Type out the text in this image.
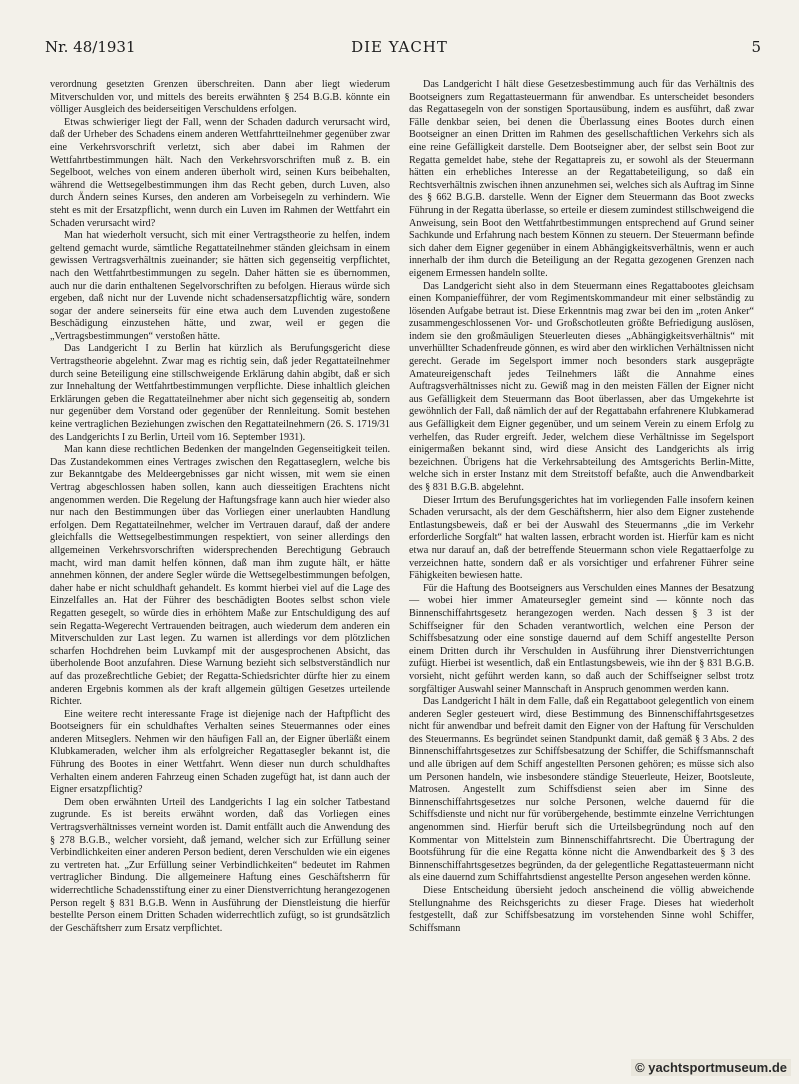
Nr. 48/1931	DIE YACHT	5

verordnung gesetzten Grenzen überschreiten. Dann aber liegt wiederum Mitverschulden vor, und mittels des bereits erwähnten § 254 B.G.B. könnte ein völliger Ausgleich des beiderseitigen Verschuldens erfolgen.

Etwas schwieriger liegt der Fall, wenn der Schaden dadurch verursacht wird, daß der Urheber des Schadens einem anderen Wettfahrtteilnehmer gegenüber zwar eine Verkehrsvorschrift verletzt, sich aber dabei im Rahmen der Wettfahrtbestimmungen hält. Nach den Verkehrsvorschriften muß z. B. ein Segelboot, welches von einem anderen überholt wird, seinen Kurs beibehalten, während die Wettsegelbestimmungen ihm das Recht geben, durch Luven, also durch Ändern seines Kurses, den anderen am Vorbeisegeln zu verhindern. Wie steht es mit der Ersatzpflicht, wenn durch ein Luven im Rahmen der Wettfahrt ein Schaden verursacht wird?

Man hat wiederholt versucht, sich mit einer Vertragstheorie zu helfen, indem geltend gemacht wurde, sämtliche Regattateilnehmer ständen gleichsam in einem gewissen Vertragsverhältnis zueinander; sie hätten sich gegenseitig verpflichtet, nach den Wettfahrtbestimmungen zu segeln. Daher hätten sie es übernommen, auch nur die darin enthaltenen Segelvorschriften zu befolgen. Hieraus würde sich ergeben, daß nicht nur der Luvende nicht schadensersatzpflichtig wäre, sondern sogar der andere seinerseits für eine etwa auch dem Luvenden zugestoßene Beschädigung einzustehen hätte, und zwar, weil er gegen die „Vertragsbestimmungen“ verstoßen hätte.

Das Landgericht I zu Berlin hat kürzlich als Berufungsgericht diese Vertragstheorie abgelehnt. Zwar mag es richtig sein, daß jeder Regattateilnehmer durch seine Beteiligung eine stillschweigende Erklärung dahin abgibt, daß er sich zur Innehaltung der Wettfahrtbestimmungen verpflichte. Diese inhaltlich gleichen Erklärungen geben die Regattateilnehmer aber nicht sich gegenseitig ab, sondern nur gegenüber dem Vorstand oder gegenüber der Rennleitung. Somit bestehen keine vertraglichen Beziehungen zwischen den Regattateilnehmern (26. S. 1719/31 des Landgerichts I zu Berlin, Urteil vom 16. September 1931).

Man kann diese rechtlichen Bedenken der mangelnden Gegenseitigkeit teilen. Das Zustandekommen eines Vertrages zwischen den Regattaseglern, welche bis zur Bekanntgabe des Meldeergebnisses gar nicht wissen, mit wem sie einen Vertrag abgeschlossen haben sollen, kann auch diesseitigen Erachtens nicht angenommen werden. Die Regelung der Haftungsfrage kann auch hier wieder also nur nach den Bestimmungen über das Vorliegen einer unerlaubten Handlung erfolgen. Dem Regattateilnehmer, welcher im Vertrauen darauf, daß der andere gleichfalls die Wettsegelbestimmungen respektiert, von seiner allerdings den allgemeinen Verkehrsvorschriften widersprechenden Berechtigung Gebrauch macht, wird man damit helfen können, daß man ihm zugute hält, er hätte annehmen können, der andere Segler würde die Wettsegelbestimmungen befolgen, daher habe er nicht schuldhaft gehandelt. Es kommt hierbei viel auf die Lage des Einzelfalles an. Hat der Führer des beschädigten Bootes selbst schon viele Regatten gesegelt, so würde dies in erhöhtem Maße zur Entschuldigung des auf sein Regatta-Wegerecht Vertrauenden beitragen, auch wiederum dem anderen ein Mitverschulden zur Last legen. Zu warnen ist allerdings vor dem plötzlichen scharfen Hochdrehen beim Luvkampf mit der ausgesprochenen Absicht, das überholende Boot anzufahren. Diese Warnung bezieht sich selbstverständlich nur auf das prozeßrechtliche Gebiet; der Regatta-Schiedsrichter dürfte hier zu einem anderen Ergebnis kommen als der kraft allgemein gültigen Gesetzes urteilende Richter.

Eine weitere recht interessante Frage ist diejenige nach der Haftpflicht des Bootseigners für ein schuldhaftes Verhalten seines Steuermannes oder eines anderen Mitseglers. Nehmen wir den häufigen Fall an, der Eigner überläßt einem Klubkameraden, welcher ihm als erfolgreicher Regattasegler bekannt ist, die Führung des Bootes in einer Wettfahrt. Wenn dieser nun durch schuldhaftes Verhalten einem anderen Fahrzeug einen Schaden zugefügt hat, ist dann auch der Eigner ersatzpflichtig?

Dem oben erwähnten Urteil des Landgerichts I lag ein solcher Tatbestand zugrunde. Es ist bereits erwähnt worden, daß das Vorliegen eines Vertragsverhältnisses verneint worden ist. Damit entfällt auch die Anwendung des § 278 B.G.B., welcher vorsieht, daß jemand, welcher sich zur Erfüllung seiner Verbindlichkeiten einer anderen Person bedient, deren Verschulden wie ein eigenes zu vertreten hat. „Zur Erfüllung seiner Verbindlichkeiten“ bedeutet im Rahmen vertraglicher Bindung. Die allgemeinere Haftung eines Geschäftsherrn für widerrechtliche Schadensstiftung einer zu einer Dienstverrichtung herangezogenen Person regelt § 831 B.G.B. Wenn in Ausführung der Dienstleistung die hierfür bestellte Person einem Dritten Schaden widerrechtlich zufügt, so ist grundsätzlich der Geschäftsherr zum Ersatz verpflichtet.

Das Landgericht I hält diese Gesetzesbestimmung auch für das Verhältnis des Bootseigners zum Regattasteuermann für anwendbar. Es unterscheidet besonders das Regattasegeln von der sonstigen Sportausübung, indem es ausführt, daß zwar Fälle denkbar seien, bei denen die Überlassung eines Bootes durch einen Bootseigner an einen Dritten im Rahmen des gesellschaftlichen Verkehrs sich als eine reine Gefälligkeit darstelle. Dem Bootseigner aber, der selbst sein Boot zur Regatta gemeldet habe, stehe der Regattapreis zu, er sowohl als der Steuermann hätten ein erhebliches Interesse an der Regattabeteiligung, so daß ein Rechtsverhältnis zwischen ihnen anzunehmen sei, welches sich als Auftrag im Sinne des § 662 B.G.B. darstelle. Wenn der Eigner dem Steuermann das Boot zwecks Führung in der Regatta überlasse, so erteile er diesem zumindest stillschweigend die Anweisung, sein Boot den Wettfahrtbestimmungen entsprechend auf Grund seiner Sachkunde und Erfahrung nach bestem Können zu steuern. Der Steuermann befinde sich daher dem Eigner gegenüber in einem Abhängigkeitsverhältnis, wenn er auch innerhalb der ihm durch die Beteiligung an der Regatta gezogenen Grenzen nach eigenem Ermessen handeln sollte.

Das Landgericht sieht also in dem Steuermann eines Regattabootes gleichsam einen Kompaniefführer, der vom Regimentskommandeur mit einer selbständig zu lösenden Aufgabe betraut ist. Diese Erkenntnis mag zwar bei den im „roten Anker“ zusammengeschlossenen Vor- und Großschotleuten größte Befriedigung auslösen, indem sie den großmäuligen Steuerleuten dieses „Abhängigkeitsverhältnis“ mit unverhüllter Schadenfreude gönnen, es wird aber den wirklichen Verhältnissen nicht gerecht. Gerade im Segelsport immer noch besonders stark ausgeprägte Amateureigenschaft jedes Teilnehmers läßt die Annahme eines Auftragsverhältnisses nicht zu. Gewiß mag in den meisten Fällen der Eigner nicht aus Gefälligkeit dem Steuermann das Boot überlassen, aber das Umgekehrte ist gewöhnlich der Fall, daß nämlich der auf der Regattabahn erfahrenere Klubkamerad aus Gefälligkeit dem Eigner gegenüber, und um seinem Verein zu einem Erfolg zu verhelfen, das Ruder ergreift. Jeder, welchem diese Verhältnisse im Segelsport einigermaßen bekannt sind, wird diese Ansicht des Landgerichts als irrig bezeichnen. Übrigens hat die Verkehrsabteilung des Amtsgerichts Berlin-Mitte, welche sich in erster Instanz mit dem Streitstoff befaßte, auch die Anwendbarkeit des § 831 B.G.B. abgelehnt.

Dieser Irrtum des Berufungsgerichtes hat im vorliegenden Falle insofern keinen Schaden verursacht, als der dem Geschäftsherrn, hier also dem Eigner zustehende Entlastungsbeweis, daß er bei der Auswahl des Steuermanns „die im Verkehr erforderliche Sorgfalt“ hat walten lassen, erbracht worden ist. Hierfür kam es nicht etwa nur darauf an, daß der betreffende Steuermann schon viele Regattaerfolge zu verzeichnen hatte, sondern daß er als vorsichtiger und erfahrener Führer seine Fähigkeiten bewiesen hatte.

Für die Haftung des Bootseigners aus Verschulden eines Mannes der Besatzung — wobei hier immer Amateursegler gemeint sind — könnte noch das Binnenschiffahrtsgesetz herangezogen werden. Nach dessen § 3 ist der Schiffseigner für den Schaden verantwortlich, welchen eine Person der Schiffsbesatzung oder eine sonstige dauernd auf dem Schiff angestellte Person einem Dritten durch ihr Verschulden in Ausführung ihrer Dienstverrichtungen zufügt. Hierbei ist wesentlich, daß ein Entlastungsbeweis, wie ihn der § 831 B.G.B. vorsieht, nicht geführt werden kann, so daß auch der Schiffseigner selbst trotz sorgfältiger Auswahl seiner Mannschaft in Anspruch genommen werden kann.

Das Landgericht I hält in dem Falle, daß ein Regattaboot gelegentlich von einem anderen Segler gesteuert wird, diese Bestimmung des Binnenschiffahrtsgesetzes nicht für anwendbar und befreit damit den Eigner von der Haftung für Verschulden des Steuermanns. Es begründet seinen Standpunkt damit, daß gemäß § 3 Abs. 2 des Binnenschiffahrtsgesetzes zur Schiffsbesatzung der Schiffer, die Schiffsmannschaft und alle übrigen auf dem Schiff angestellten Personen gehören; es müsse sich also um Personen handeln, wie insbesondere ständige Steuerleute, Heizer, Bootsleute, Matrosen. Angestellt zum Schiffsdienst seien aber im Sinne des Binnenschiffahrtsgesetzes nur solche Personen, welche dauernd für die Schiffsdienste und nicht nur für vorübergehende, bestimmte einzelne Verrichtungen angenommen sind. Hierfür beruft sich die Urteilsbegründung noch auf den Kommentar von Mittelstein zum Binnenschiffahrtsrecht. Die Übertragung der Bootsführung für die eine Regatta könne nicht die Anwendbarkeit des § 3 des Binnenschiffahrtsgesetzes begründen, da der gelegentliche Regattasteuermann nicht als eine dauernd zum Schiffahrtsdienst angestellte Person angesehen werden könne.

Diese Entscheidung übersieht jedoch anscheinend die völlig abweichende Stellungnahme des Reichsgerichts zu dieser Frage. Dieses hat wiederholt festgestellt, daß zur Schiffsbesatzung im vorstehenden Sinne wohl Schiffer, Schiffsmann

© yachtsportmuseum.de
